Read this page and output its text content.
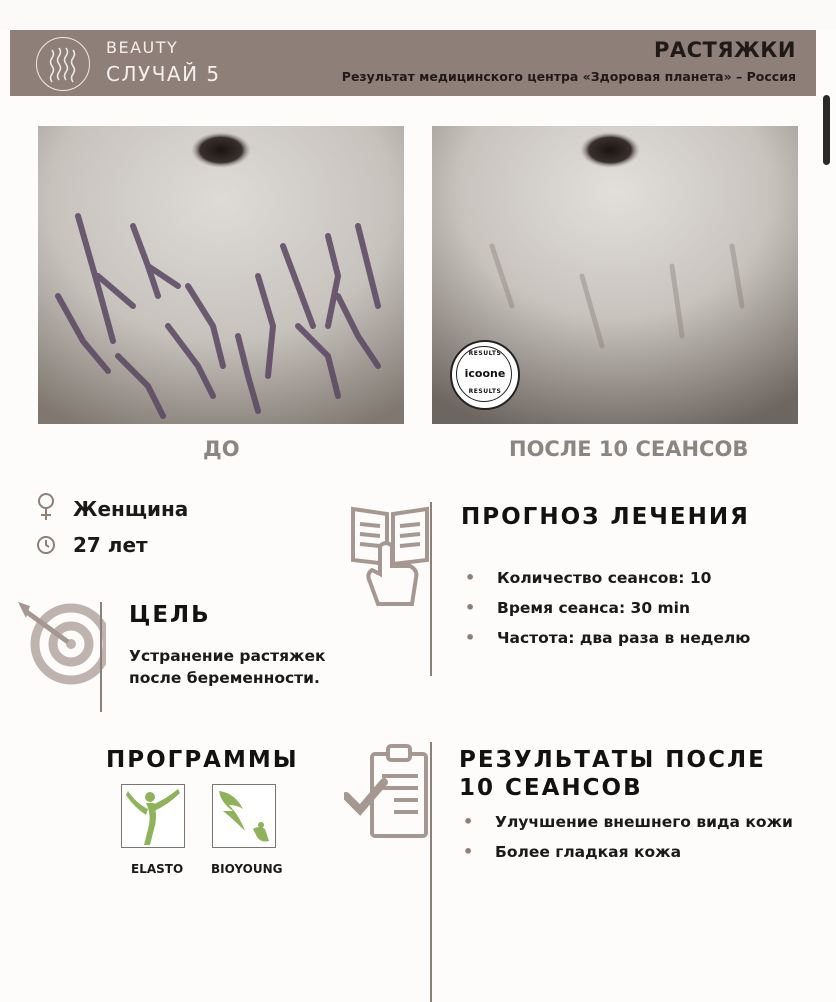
BEAUTY
СЛУЧАЙ 5
РАСТЯЖКИ
Результат медицинского центра «Здоровая планета» – Россия
RESULTS
icoone
RESULTS
ДО	ПОСЛЕ 10 СЕАНСОВ
Женщина
27 лет
ЦЕЛЬ
Устранение растяжек после беременности.
ПРОГНОЗ ЛЕЧЕНИЯ
• Количество сеансов: 10
• Время сеанса: 30 min
• Частота: два раза в неделю
ПРОГРАММЫ
ELASTO BIOYOUNG
РЕЗУЛЬТАТЫ ПОСЛЕ 10 СЕАНСОВ
• Улучшение внешнего вида кожи
• Более гладкая кожа
